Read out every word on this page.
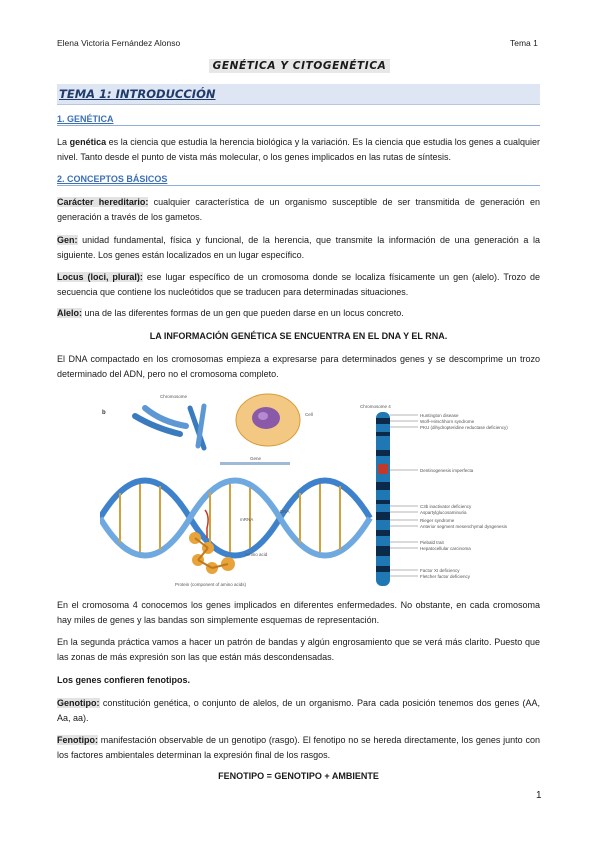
Elena Victoria Fernández Alonso	Tema 1
GENÉTICA Y CITOGENÉTICA
TEMA 1: INTRODUCCIÓN
1. GENÉTICA
La genética es la ciencia que estudia la herencia biológica y la variación. Es la ciencia que estudia los genes a cualquier nivel. Tanto desde el punto de vista más molecular, o los genes implicados en las rutas de síntesis.
2. CONCEPTOS BÁSICOS
Carácter hereditario: cualquier característica de un organismo susceptible de ser transmitida de generación en generación a través de los gametos.
Gen: unidad fundamental, física y funcional, de la herencia, que transmite la información de una generación a la siguiente. Los genes están localizados en un lugar específico.
Locus (loci, plural): ese lugar específico de un cromosoma donde se localiza físicamente un gen (alelo). Trozo de secuencia que contiene los nucleótidos que se traducen para determinadas situaciones.
Alelo: una de las diferentes formas de un gen que pueden darse en un locus concreto.
LA INFORMACIÓN GENÉTICA SE ENCUENTRA EN EL DNA Y EL RNA.
El DNA compactado en los cromosomas empieza a expresarse para determinados genes y se descomprime un trozo determinado del ADN, pero no el cromosoma completo.
b
Chromosome
Cell
Gene
DNA
mRNA
Amino acid
Protein (component of amino acids)
Chromosome 4
Huntington disease
Wolf–Hirschhorn syndrome
PKU (dihydropteridine reductase deficiency)
Dentinogenesis imperfecta
C3b inactivator deficiency
Aspartylglucosaminuria
Rieger syndrome
Anterior segment mesenchymal dysgenesis
Piebald trait
Hepatocellular carcinoma
Factor XI deficiency
Fletcher factor deficiency
En el cromosoma 4 conocemos los genes implicados en diferentes enfermedades. No obstante, en cada cromosoma hay miles de genes y las bandas son simplemente esquemas de representación.
En la segunda práctica vamos a hacer un patrón de bandas y algún engrosamiento que se verá más clarito. Puesto que las zonas de más expresión son las que están más descondensadas.
Los genes confieren fenotipos.
Genotipo: constitución genética, o conjunto de alelos, de un organismo. Para cada posición tenemos dos genes (AA, Aa, aa).
Fenotipo: manifestación observable de un genotipo (rasgo). El fenotipo no se hereda directamente, los genes junto con los factores ambientales determinan la expresión final de los rasgos.
FENOTIPO = GENOTIPO + AMBIENTE
1
